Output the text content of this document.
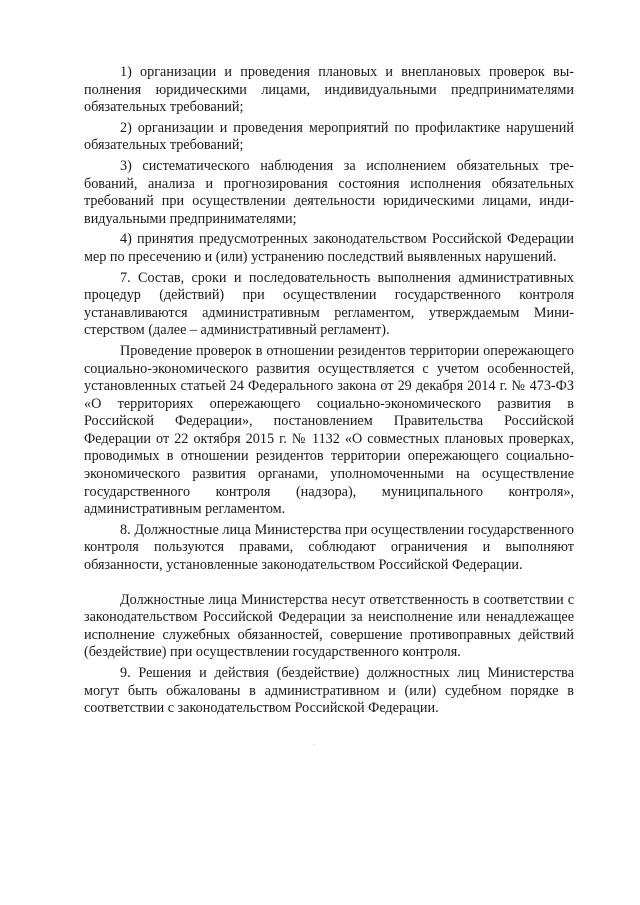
1) организации и проведения плановых и внеплановых проверок выполнения юридическими лицами, индивидуальными предпринимателями обязательных требований;

2) организации и проведения мероприятий по профилактике нарушений обязательных требований;

3) систематического наблюдения за исполнением обязательных требований, анализа и прогнозирования состояния исполнения обязательных требований при осуществлении деятельности юридическими лицами, индивидуальными предпринимателями;

4) принятия предусмотренных законодательством Российской Федерации мер по пресечению и (или) устранению последствий выявленных нарушений.

7. Состав, сроки и последовательность выполнения административных процедур (действий) при осуществлении государственного контроля устанавливаются административным регламентом, утверждаемым Министерством (далее – административный регламент).

Проведение проверок в отношении резидентов территории опережающего социально-экономического развития осуществляется с учетом особенностей, установленных статьей 24 Федерального закона от 29 декабря 2014 г. № 473-ФЗ «О территориях опережающего социально-экономического развития в Российской Федерации», постановлением Правительства Российской Федерации от 22 октября 2015 г. № 1132 «О совместных плановых проверках, проводимых в отношении резидентов территории опережающего социально-экономического развития органами, уполномоченными на осуществление государственного контроля (надзора), муниципального контроля», административным регламентом.

8. Должностные лица Министерства при осуществлении государственного контроля пользуются правами, соблюдают ограничения и выполняют обязанности, установленные законодательством Российской Федерации.

Должностные лица Министерства несут ответственность в соответствии с законодательством Российской Федерации за неисполнение или ненадлежащее исполнение служебных обязанностей, совершение противоправных действий (бездействие) при осуществлении государственного контроля.

9. Решения и действия (бездействие) должностных лиц Министерства могут быть обжалованы в административном и (или) судебном порядке в соответствии с законодательством Российской Федерации.
